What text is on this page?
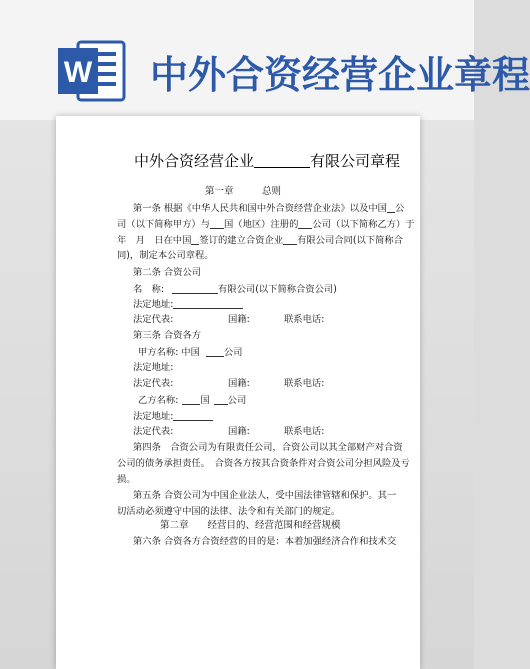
W 中外合资经营企业章程
中外合资经营企业	有限公司章程
第一章　　　总则
第一条 根据《中华人民共和国中外合资经营企业法》以及中国 公
司（以下简称甲方）与 国（地区）注册的 公司（以下简称乙方）于
年　月　日在中国 签订的建立合资企业 有限公司合同(以下简称合
同)，制定本公司章程。
第二条 合资公司
名　称:	有限公司(以下简称合资公司)
法定地址:
法定代表:	国籍:	联系电话:
第三条 合资各方
甲方名称: 中国	公司
法定地址:
法定代表:	国籍:	联系电话:
乙方名称: 国 公司
法定地址:
法定代表:	国籍:	联系电话:
第四条　合资公司为有限责任公司，合资公司以其全部财产对合资
公司的债务承担责任。　合资各方按其合资条件对合资公司分担风险及亏
损。
第五条 合资公司为中国企业法人，受中国法律管辖和保护。其一
切活动必须遵守中国的法律、法令和有关部门的规定。
第二章　　经营目的、经营范围和经营规模
第六条 合资各方合资经营的目的是：本着加强经济合作和技术交
